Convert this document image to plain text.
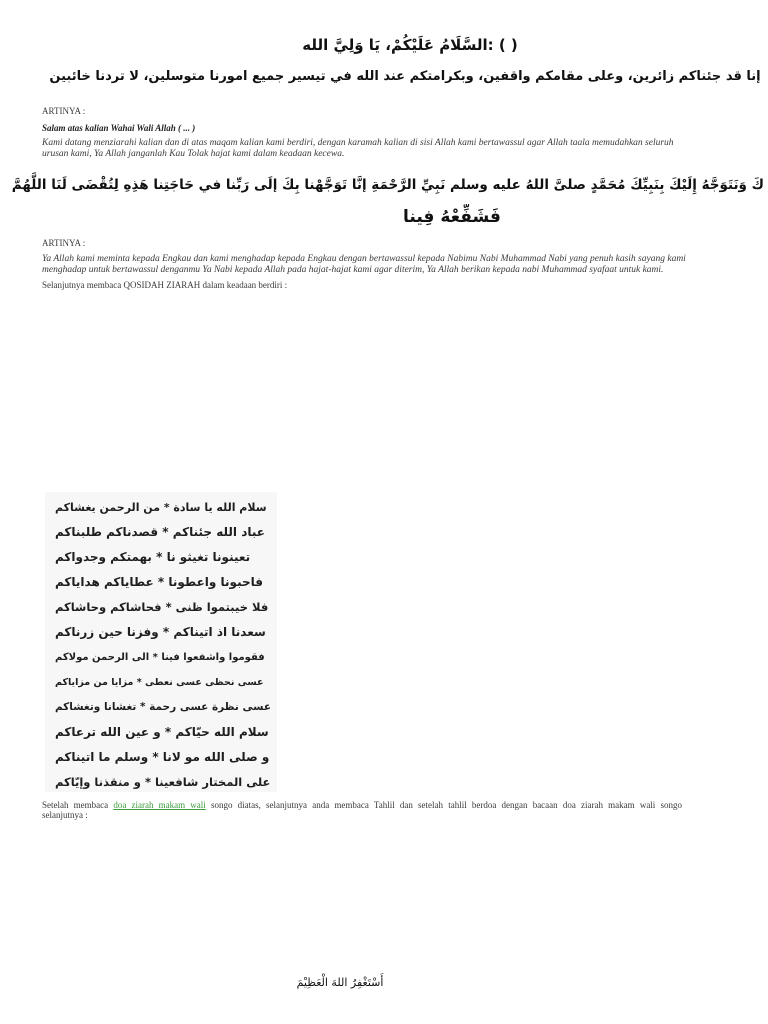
( ) :السَّلَامُ عَلَيْكُمْ، يَا وَلِيَّ الله
إنا قد جئناكم زائرين، وعلى مقامكم واقفين، وبكرامتكم عند الله في تيسير جميع امورنا متوسلين، لا تردنا خائبين
ARTINYA :
Salam atas kalian Wahai Wali Allah ( ... )
Kami datang menziarahi kalian dan di atas maqam kalian kami berdiri, dengan karamah kalian di sisi Allah kami bertawassul agar Allah taala memudahkan seluruh
urusan kami, Ya Allah janganlah Kau Tolak hajat kami dalam keadaan kecewa.
كَ وَنَتَوَجَّهُ إِلَيْكَ بِنَبِيِّكَ مُحَمَّدٍ صلىَّ اللهُ عليه وسلم نَبِيِّ الرَّحْمَةِ إنَّا تَوَجَّهْنا بِكَ إلَى رَبِّنا في حَاجَتِنا هَذِهِ لِتُقْضَى لَنَا اللَّهُمَّ
فَشَفِّعْهُ فِينا
ARTINYA :
Ya Allah kami meminta kepada Engkau dan kami menghadap kepada Engkau dengan bertawassul kepada Nabimu Nabi Muhammad Nabi yang penuh kasih sayang kami
menghadap untuk bertawassul denganmu Ya Nabi kepada Allah pada hajat-hajat kami agar diterim, Ya Allah berikan kepada nabi Muhammad syafaat untuk kami.
Selanjutnya membaca QOSIDAH ZIARAH dalam keadaan berdiri :
سلام الله يا سادة * من الرحمن يغشاكم
عباد الله جئناكم * قصدناكم طلبناكم
تعينونا تغيثو نا * بهمتكم وجدواكم
فاحبونا واعطونا * عطاياكم هداياكم
فلا خيبتموا ظنى * فحاشاكم وحاشاكم
سعدنا اذ اتيناكم * وفزنا حين زرناكم
فقوموا واشفعوا فينا * الى الرحمن مولاكم
عسى نحظى عسى نعطى * مزايا من مزاياكم
عسى نظرة عسى رحمة * تغشانا وتغشاكم
سلام الله حيّاكم * و عين الله ترعاكم
و صلى الله مو لانا * وسلم ما اتيناكم
على المختار شافعينا * و منقذنا وإيّاكم
Setelah membaca doa ziarah makam wali songo diatas, selanjutnya anda membaca Tahlil dan setelah tahlil berdoa dengan bacaan doa ziarah makam wali songo
selanjutnya :
أَسْتَغْفِرُ اللهَ الْعَظِيْمَ
